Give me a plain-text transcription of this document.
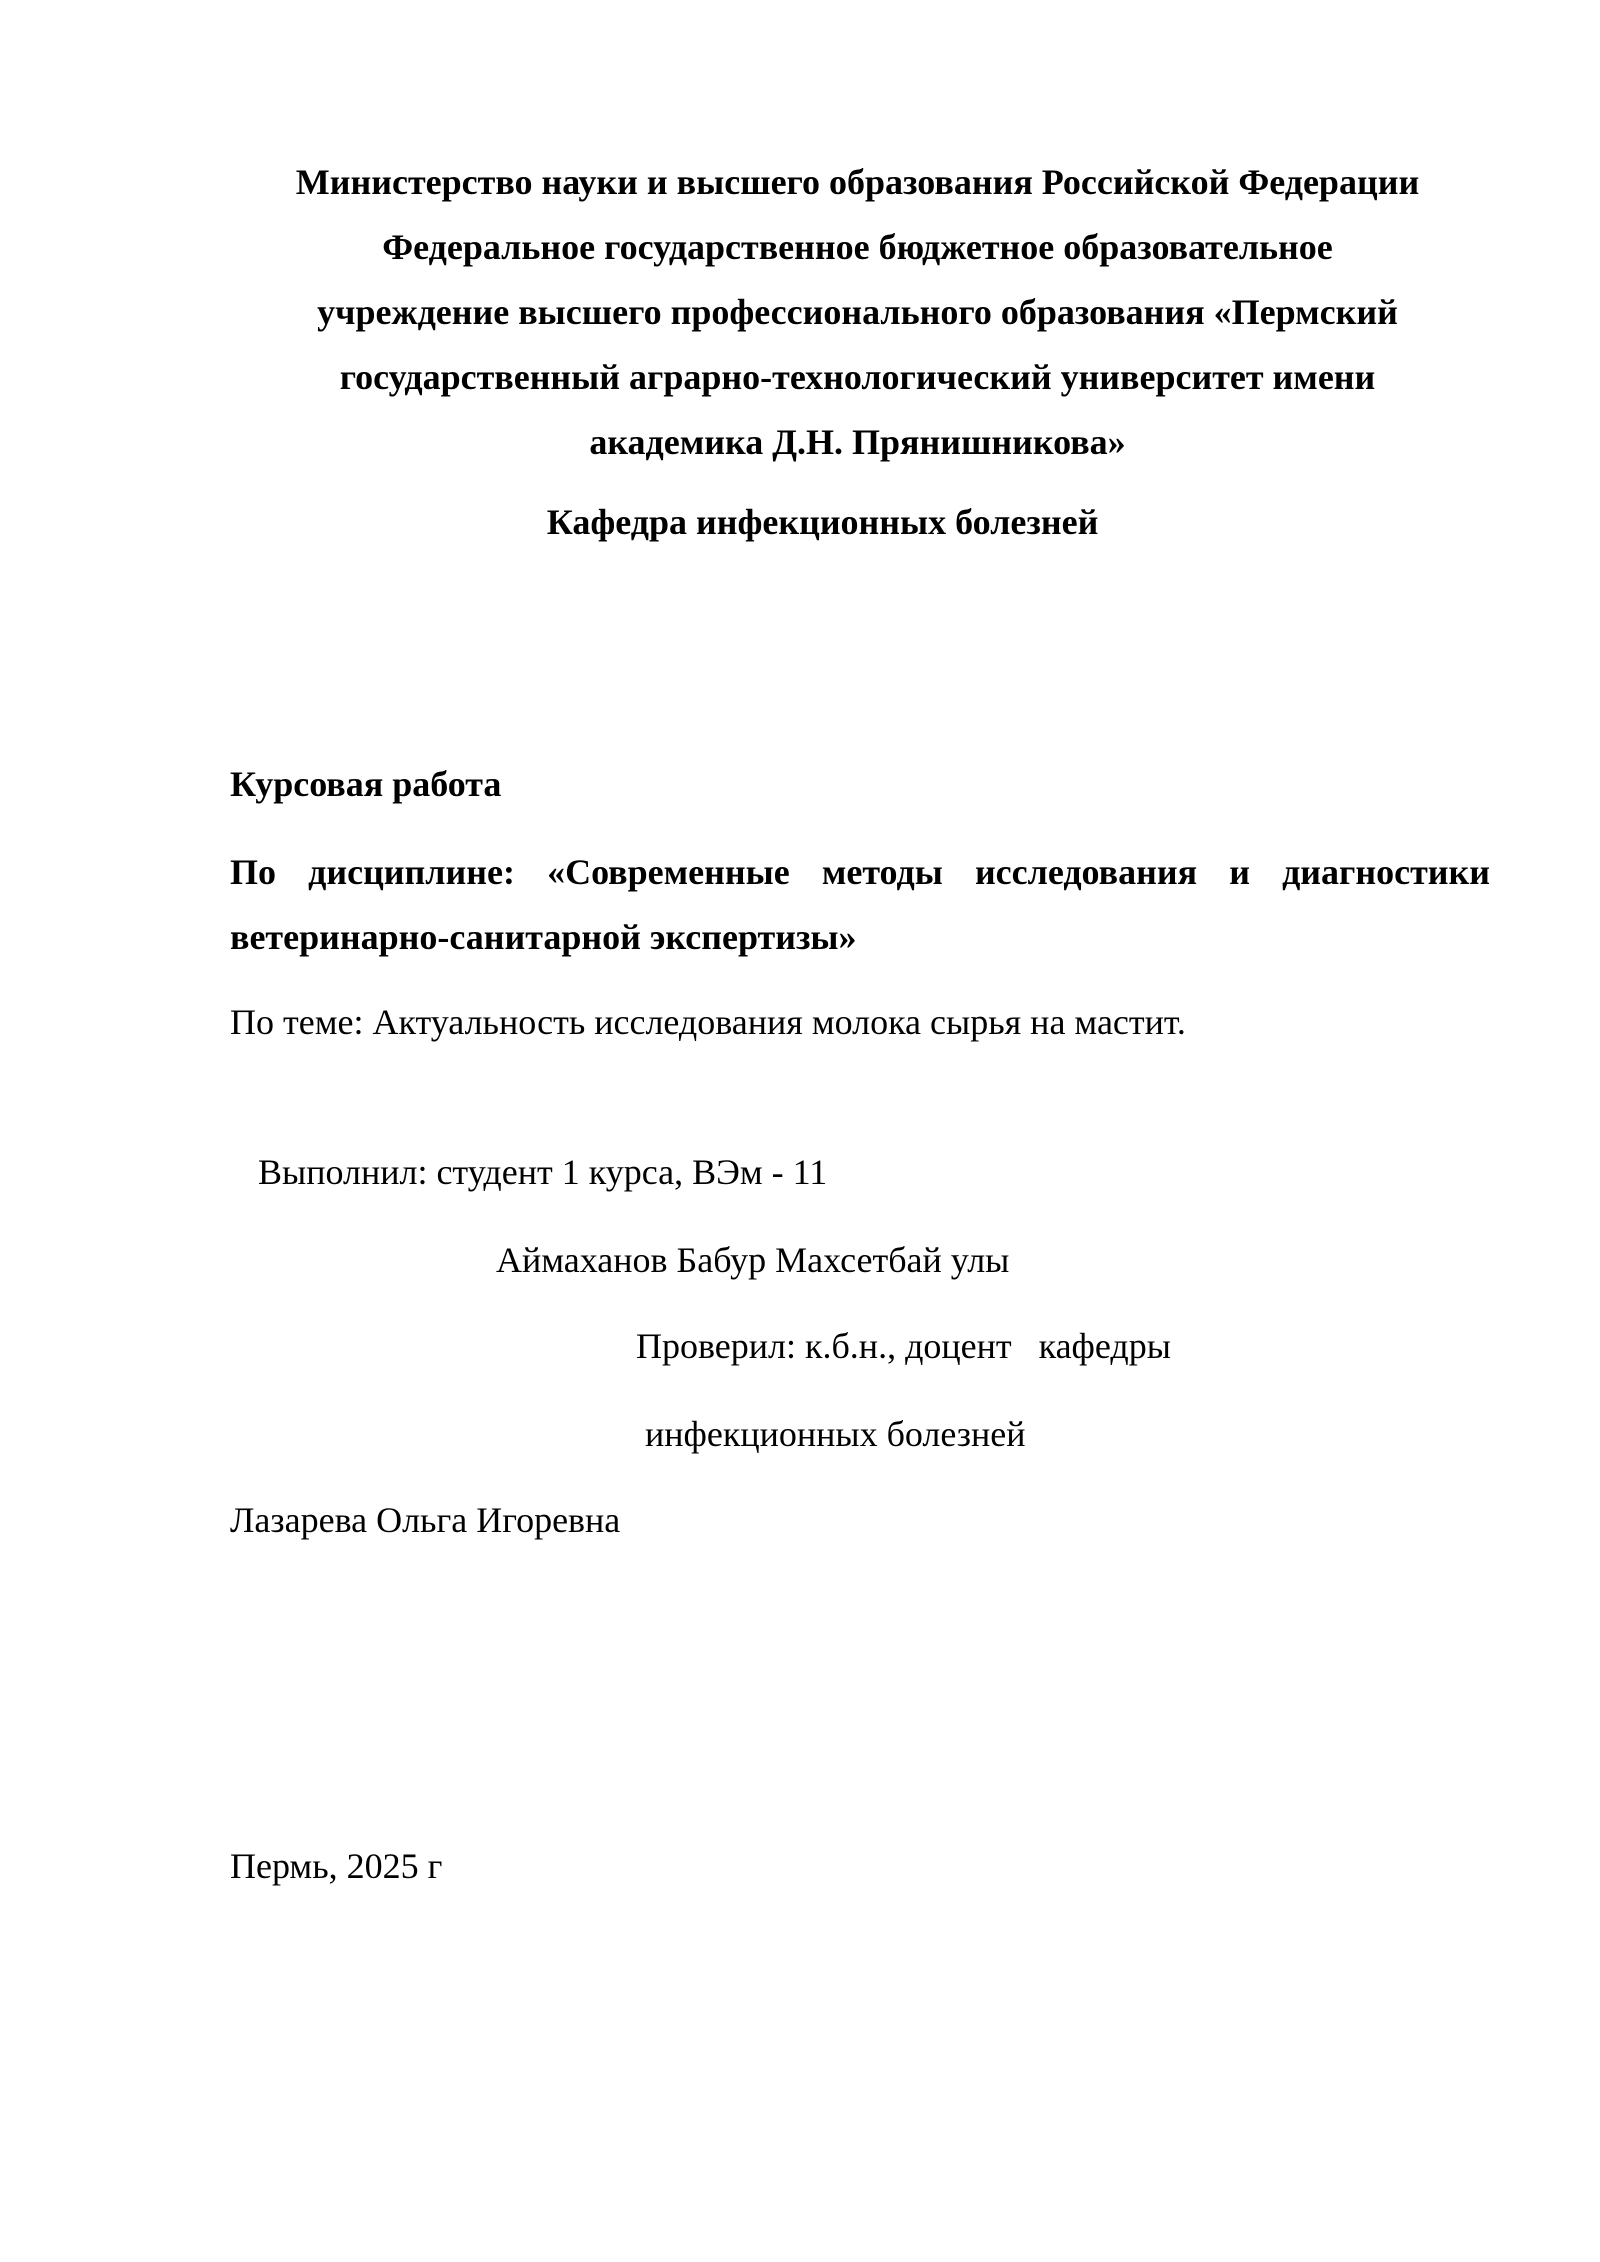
Министерство науки и высшего образования Российской Федерации
Федеральное государственное бюджетное образовательное
учреждение высшего профессионального образования «Пермский
государственный аграрно-технологический университет имени
академика Д.Н. Прянишникова»
Кафедра инфекционных болезней
Курсовая работа
По дисциплине: «Современные методы исследования и диагностики
ветеринарно-санитарной экспертизы»
По теме: Актуальность исследования молока сырья на мастит.
Выполнил: студент 1 курса, ВЭм - 11
Аймаханов Бабур Махсетбай улы
Проверил: к.б.н., доцент   кафедры
инфекционных болезней
Лазарева Ольга Игоревна
Пермь, 2025 г
